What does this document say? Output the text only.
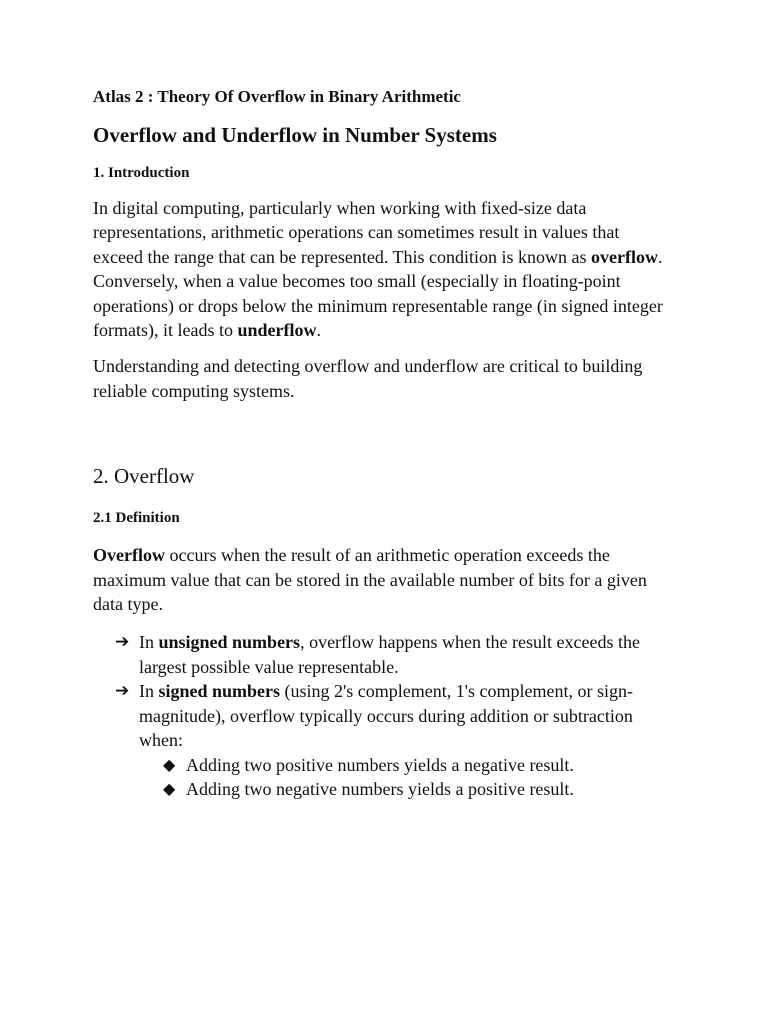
Atlas 2 : Theory Of Overflow in Binary Arithmetic
Overflow and Underflow in Number Systems
1. Introduction

In digital computing, particularly when working with fixed-size data representations, arithmetic operations can sometimes result in values that exceed the range that can be represented. This condition is known as overflow. Conversely, when a value becomes too small (especially in floating-point operations) or drops below the minimum representable range (in signed integer formats), it leads to underflow.

Understanding and detecting overflow and underflow are critical to building reliable computing systems.

2. Overflow
2.1 Definition

Overflow occurs when the result of an arithmetic operation exceeds the maximum value that can be stored in the available number of bits for a given data type.

➔ In unsigned numbers, overflow happens when the result exceeds the largest possible value representable.
➔ In signed numbers (using 2's complement, 1's complement, or sign-magnitude), overflow typically occurs during addition or subtraction when:
◆ Adding two positive numbers yields a negative result.
◆ Adding two negative numbers yields a positive result.
